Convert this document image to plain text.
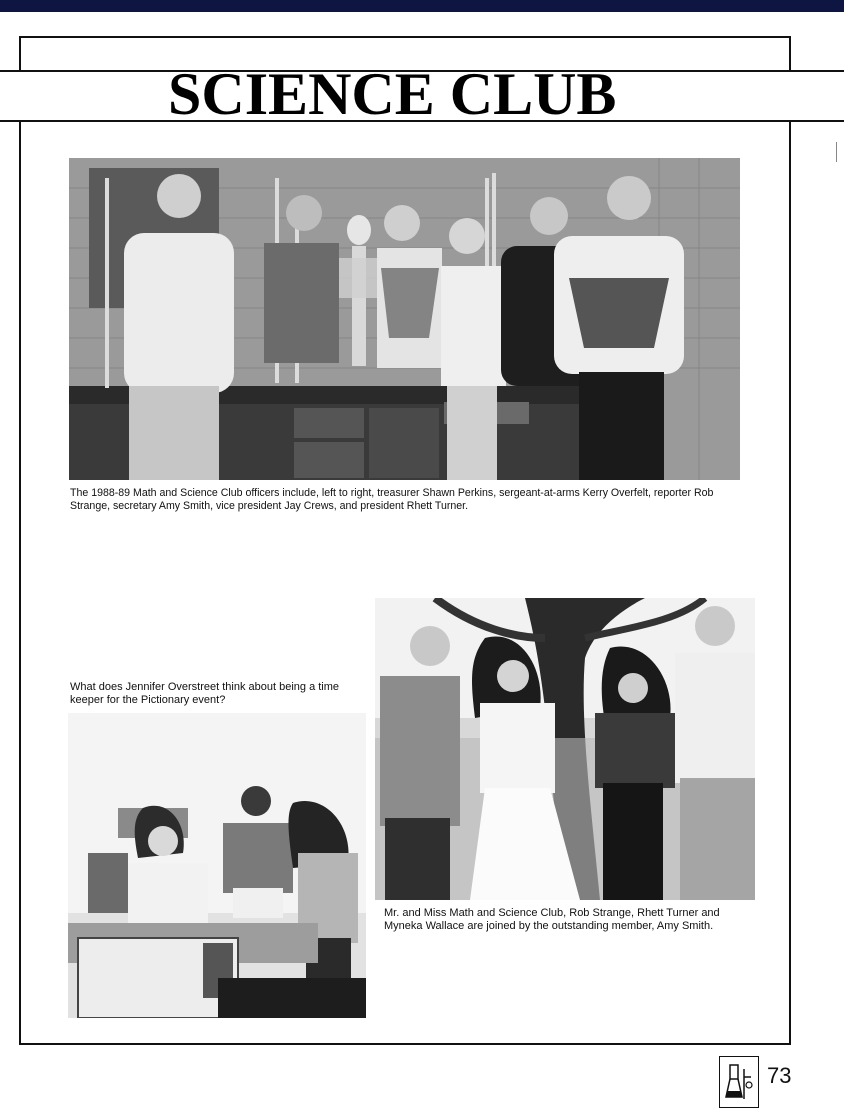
SCIENCE CLUB
The 1988-89 Math and Science Club officers include, left to right, treasurer Shawn Perkins, sergeant-at-arms Kerry Overfelt, reporter Rob Strange, secretary Amy Smith, vice president Jay Crews, and president Rhett Turner.
Mr. and Miss Math and Science Club, Rob Strange, Rhett Turner and Myneka Wallace are joined by the outstanding member, Amy Smith.
What does Jennifer Overstreet think about being a time keeper for the Pictionary event?
73
